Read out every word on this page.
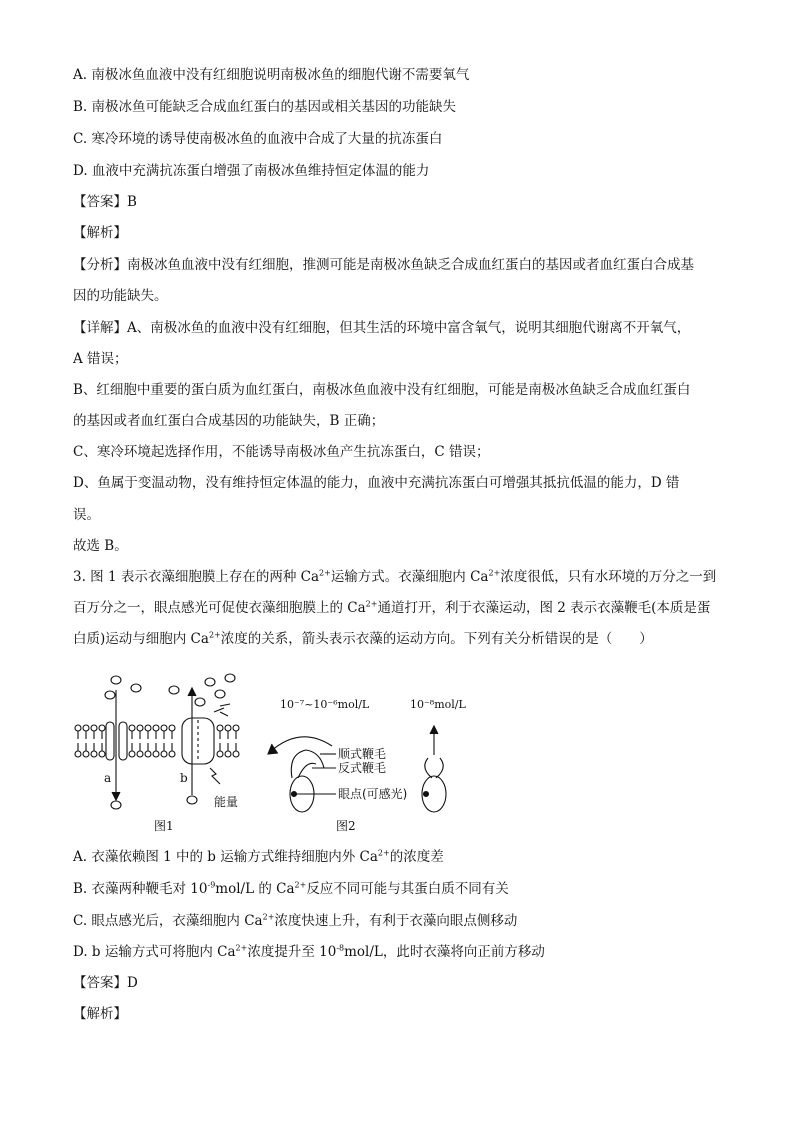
A. 南极冰鱼血液中没有红细胞说明南极冰鱼的细胞代谢不需要氧气
B. 南极冰鱼可能缺乏合成血红蛋白的基因或相关基因的功能缺失
C. 寒冷环境的诱导使南极冰鱼的血液中合成了大量的抗冻蛋白
D. 血液中充满抗冻蛋白增强了南极冰鱼维持恒定体温的能力
【答案】B
【解析】
【分析】南极冰鱼血液中没有红细胞，推测可能是南极冰鱼缺乏合成血红蛋白的基因或者血红蛋白合成基
因的功能缺失。
【详解】A、南极冰鱼的血液中没有红细胞，但其生活的环境中富含氧气，说明其细胞代谢离不开氧气，
A 错误；
B、红细胞中重要的蛋白质为血红蛋白，南极冰鱼血液中没有红细胞，可能是南极冰鱼缺乏合成血红蛋白
的基因或者血红蛋白合成基因的功能缺失，B 正确；
C、寒冷环境起选择作用，不能诱导南极冰鱼产生抗冻蛋白，C 错误；
D、鱼属于变温动物，没有维持恒定体温的能力，血液中充满抗冻蛋白可增强其抵抗低温的能力，D 错
误。
故选 B。
3. 图 1 表示衣藻细胞膜上存在的两种 $Ca^{2+}$运输方式。衣藻细胞内 $Ca^{2+}$浓度很低，只有水环境的万分之一到
百万分之一，眼点感光可促使衣藻细胞膜上的 $Ca^{2+}$通道打开，利于衣藻运动，图 2 表示衣藻鞭毛(本质是蛋
白质)运动与细胞内 $Ca^{2+}$浓度的关系，箭头表示衣藻的运动方向。下列有关分析错误的是（　　）
a	b
能量
图1
10⁻⁷~10⁻⁶mol/L	10⁻⁸mol/L
顺式鞭毛
反式鞭毛
眼点(可感光)
图2
A. 衣藻依赖图 1 中的 b 运输方式维持细胞内外 $Ca^{2+}$的浓度差
B. 衣藻两种鞭毛对 $10^{-9}mol/L$ 的 $Ca^{2+}$反应不同可能与其蛋白质不同有关
C. 眼点感光后，衣藻细胞内 $Ca^{2+}$浓度快速上升，有利于衣藻向眼点侧移动
D. b 运输方式可将胞内 $Ca^{2+}$浓度提升至 $10^{-8}mol/L$，此时衣藻将向正前方移动
【答案】D
【解析】
